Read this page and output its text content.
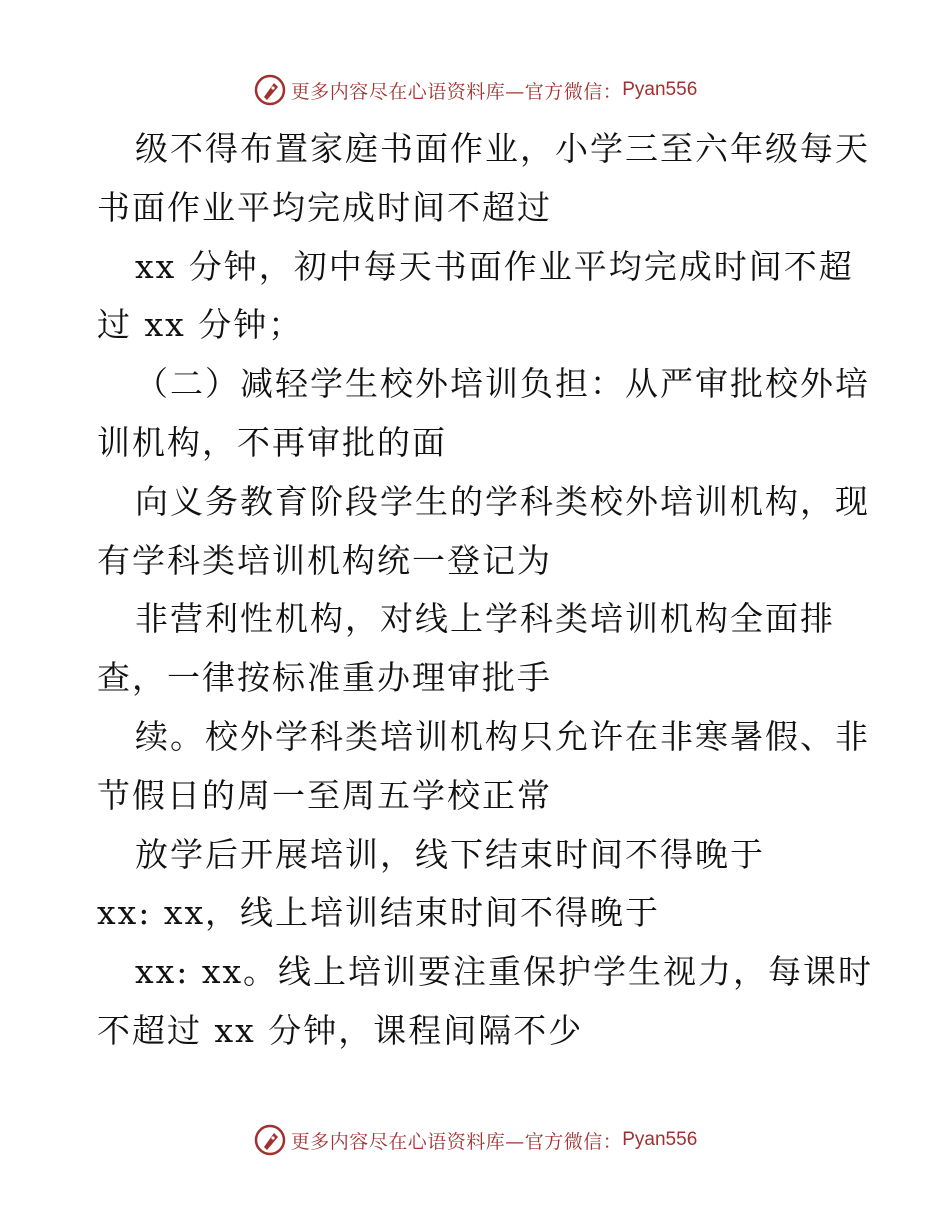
更多内容尽在心语资料库—官方微信： Pyan556
级不得布置家庭书面作业，小学三至六年级每天
书面作业平均完成时间不超过
xx 分钟，初中每天书面作业平均完成时间不超
过 xx 分钟；
（二）减轻学生校外培训负担：从严审批校外培
训机构，不再审批的面
向义务教育阶段学生的学科类校外培训机构，现
有学科类培训机构统一登记为
非营利性机构，对线上学科类培训机构全面排
查，一律按标准重办理审批手
续。校外学科类培训机构只允许在非寒暑假、非
节假日的周一至周五学校正常
放学后开展培训，线下结束时间不得晚于
xx: xx，线上培训结束时间不得晚于
xx: xx。线上培训要注重保护学生视力，每课时
不超过 xx 分钟，课程间隔不少
更多内容尽在心语资料库—官方微信： Pyan556
